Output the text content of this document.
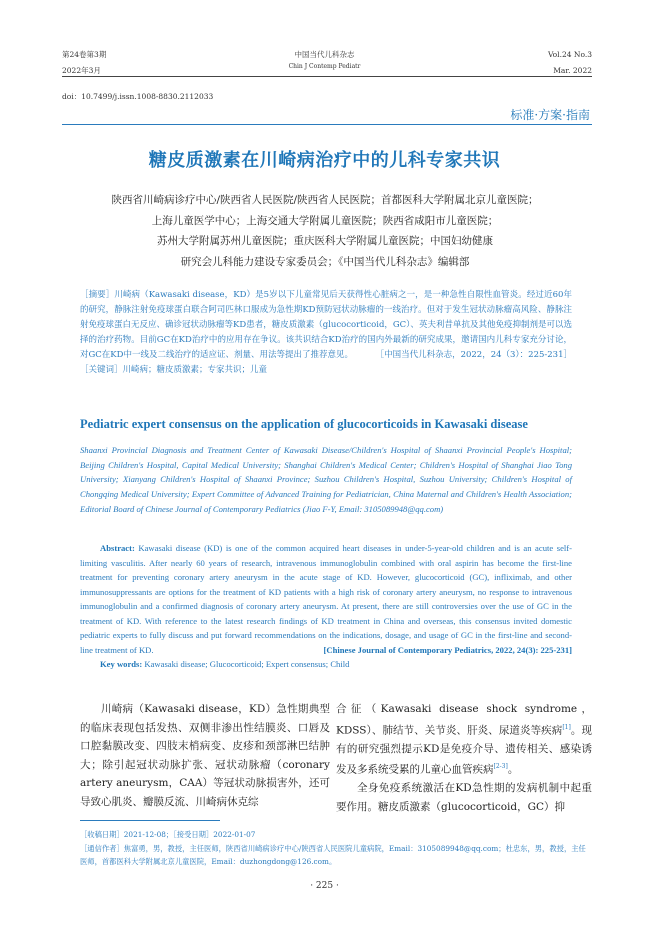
第24卷第3期
2022年3月
中国当代儿科杂志
Chin J Contemp Pediatr
Vol.24 No.3
Mar. 2022
doi：10.7499/j.issn.1008-8830.2112033
标准·方案·指南
糖皮质激素在川崎病治疗中的儿科专家共识
陕西省川崎病诊疗中心/陕西省人民医院/陕西省人民医院；首都医科大学附属北京儿童医院；
上海儿童医学中心；上海交通大学附属儿童医院；陕西省咸阳市儿童医院；
苏州大学附属苏州儿童医院；重庆医科大学附属儿童医院；中国妇幼健康
研究会儿科能力建设专家委员会；《中国当代儿科杂志》编辑部
［摘要］川崎病（Kawasaki disease，KD）是5岁以下儿童常见后天获得性心脏病之一，是一种急性自限性血管炎。经过近60年的研究，静脉注射免疫球蛋白联合阿司匹林口服成为急性期KD预防冠状动脉瘤的一线治疗。但对于发生冠状动脉瘤高风险、静脉注射免疫球蛋白无反应、确诊冠状动脉瘤等KD患者，糖皮质激素（glucocorticoid，GC）、英夫利昔单抗及其他免疫抑制剂是可以选择的治疗药物。目前GC在KD治疗中的应用存在争议。该共识结合KD治疗的国内外最新的研究成果，邀请国内儿科专家充分讨论，对GC在KD中一线及二线治疗的适应证、剂量、用法等提出了推荐意见。	［中国当代儿科杂志，2022，24（3）：225-231］
［关键词］川崎病；糖皮质激素；专家共识；儿童
Pediatric expert consensus on the application of glucocorticoids in Kawasaki disease
Shaanxi Provincial Diagnosis and Treatment Center of Kawasaki Disease/Children's Hospital of Shaanxi Provincial People's Hospital; Beijing Children's Hospital, Capital Medical University; Shanghai Children's Medical Center; Children's Hospital of Shanghai Jiao Tong University; Xianyang Children's Hospital of Shaanxi Province; Suzhou Children's Hospital, Suzhou University; Children's Hospital of Chongqing Medical University; Expert Committee of Advanced Training for Pediatrician, China Maternal and Children's Health Association; Editorial Board of Chinese Journal of Contemporary Pediatrics (Jiao F-Y, Email: 3105089948@qq.com)
Abstract: Kawasaki disease (KD) is one of the common acquired heart diseases in under-5-year-old children and is an acute self-limiting vasculitis. After nearly 60 years of research, intravenous immunoglobulin combined with oral aspirin has become the first-line treatment for preventing coronary artery aneurysm in the acute stage of KD. However, glucocorticoid (GC), infliximab, and other immunosuppressants are options for the treatment of KD patients with a high risk of coronary artery aneurysm, no response to intravenous immunoglobulin and a confirmed diagnosis of coronary artery aneurysm. At present, there are still controversies over the use of GC in the treatment of KD. With reference to the latest research findings of KD treatment in China and overseas, this consensus invited domestic pediatric experts to fully discuss and put forward recommendations on the indications, dosage, and usage of GC in the first-line and second-line treatment of KD.	[Chinese Journal of Contemporary Pediatrics, 2022, 24(3): 225-231]
Key words: Kawasaki disease; Glucocorticoid; Expert consensus; Child
川崎病（Kawasaki disease，KD）急性期典型的临床表现包括发热、双侧非渗出性结膜炎、口唇及口腔黏膜改变、四肢末梢病变、皮疹和颈部淋巴结肿大；除引起冠状动脉扩张、冠状动脉瘤（coronary artery aneurysm，CAA）等冠状动脉损害外，还可导致心肌炎、瓣膜反流、川崎病休克综
合征（Kawasaki disease shock syndrome，KDSS）、肺结节、关节炎、肝炎、尿道炎等疾病[1]。现有的研究强烈提示KD是免疫介导、遗传相关、感染诱发及多系统受累的儿童心血管疾病[2-3]。
全身免疫系统激活在KD急性期的发病机制中起重要作用。糖皮质激素（glucocorticoid，GC）抑
［收稿日期］2021-12-08；［接受日期］2022-01-07
［通信作者］焦富勇，男，教授，主任医师，陕西省川崎病诊疗中心/陕西省人民医院儿童病院，Email：3105089948@qq.com；杜忠东，男，教授，主任医师，首都医科大学附属北京儿童医院，Email：duzhongdong@126.com。
· 225 ·
